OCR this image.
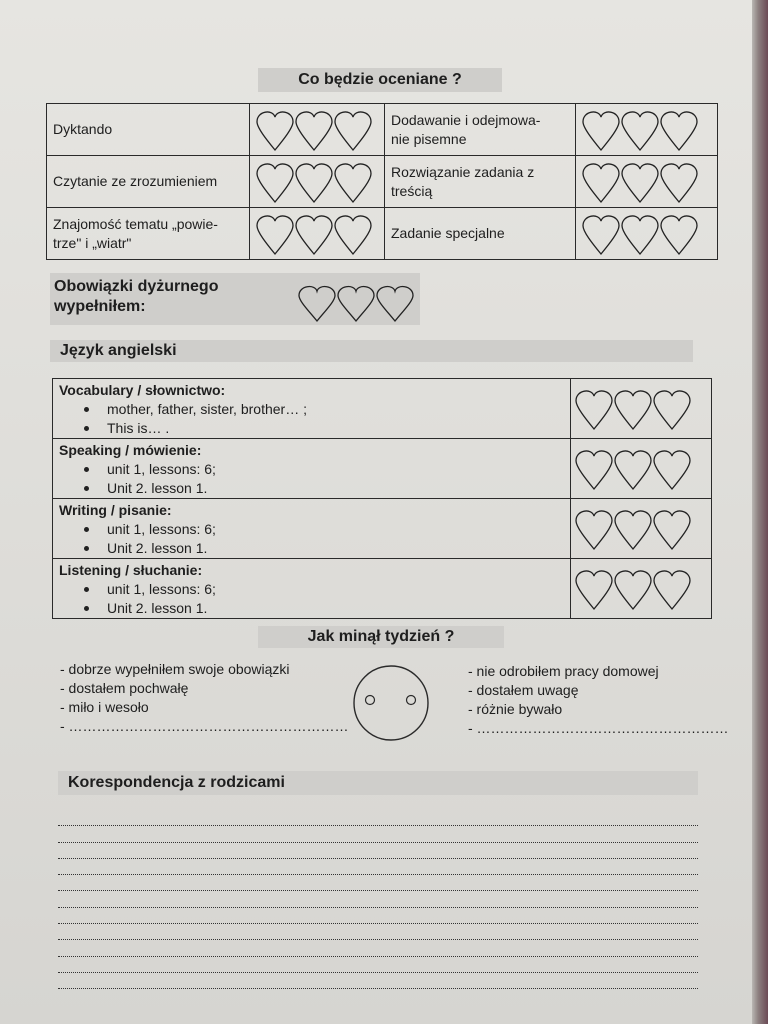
Co będzie oceniane ?
Dyktando		Dodawanie i odejmowa-
nie pisemne	

Czytanie ze zrozumieniem		Rozwiązanie zadania z
treścią	

Znajomość tematu „powie-
trze" i „wiatr"		Zadanie specjalne	
Obowiązki dyżurnego
wypełniłem:
Język angielski
Vocabulary / słownictwo:
mother, father, sister, brother… ;
This is… .

Speaking / mówienie:
unit 1, lessons: 6;
Unit 2. lesson 1.

Writing / pisanie:
unit 1, lessons: 6;
Unit 2. lesson 1.

Listening / słuchanie:
unit 1, lessons: 6;
Unit 2. lesson 1.

Jak minął tydzień ?
- dobrze wypełniłem swoje obowiązki
- dostałem pochwałę
- miło i wesoło
- ……………………………………………………
- nie odrobiłem pracy domowej
- dostałem uwagę
- różnie bywało
- ………………………………………………
Korespondencja z rodzicami
